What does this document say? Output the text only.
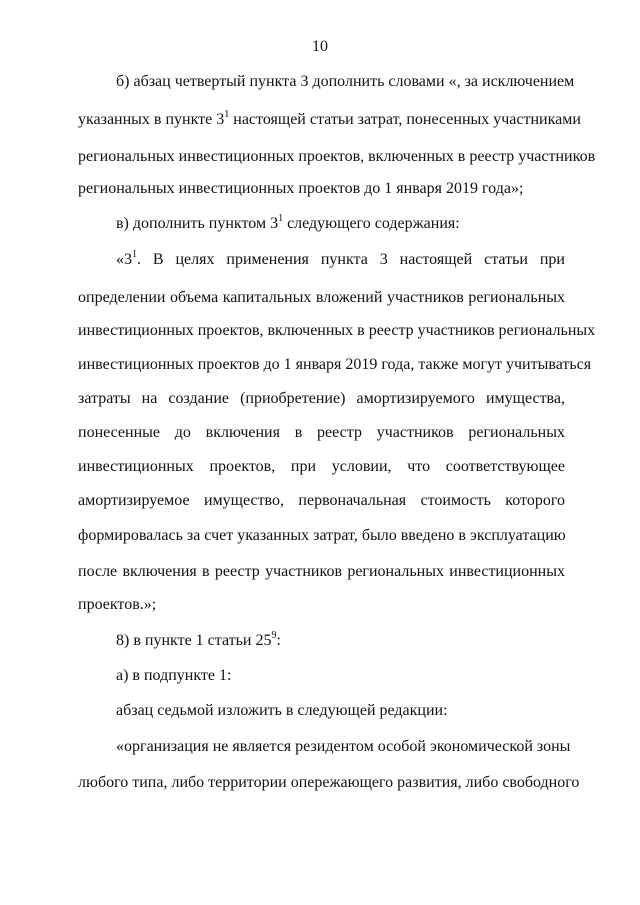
10
б) абзац четвертый пункта 3 дополнить словами «, за исключением
указанных в пункте $3^1$ настоящей статьи затрат, понесенных участниками
региональных инвестиционных проектов, включенных в реестр участников
региональных инвестиционных проектов до 1 января 2019 года»;
в) дополнить пунктом $3^1$ следующего содержания:
«$3^1$. В целях применения пункта 3 настоящей статьи при
определении объема капитальных вложений участников региональных
инвестиционных проектов, включенных в реестр участников региональных
инвестиционных проектов до 1 января 2019 года, также могут учитываться
затраты на создание (приобретение) амортизируемого имущества,
понесенные до включения в реестр участников региональных
инвестиционных проектов, при условии, что соответствующее
амортизируемое имущество, первоначальная стоимость которого
формировалась за счет указанных затрат, было введено в эксплуатацию
после включения в реестр участников региональных инвестиционных
проектов.»;
8) в пункте 1 статьи $25^9$:
а) в подпункте 1:
абзац седьмой изложить в следующей редакции:
«организация не является резидентом особой экономической зоны
любого типа, либо территории опережающего развития, либо свободного
